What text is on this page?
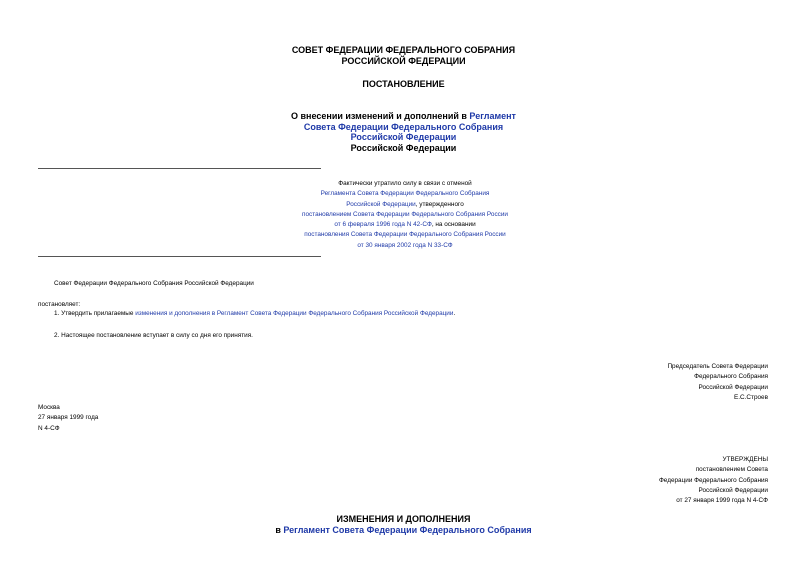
СОВЕТ ФЕДЕРАЦИИ ФЕДЕРАЛЬНОГО СОБРАНИЯ
РОССИЙСКОЙ ФЕДЕРАЦИИ
ПОСТАНОВЛЕНИЕ
О внесении изменений и дополнений в Регламент
Совета Федерации Федерального Собрания
Российской Федерации
Российской Федерации
Фактически утратило силу в связи с отменой
Регламента Совета Федерации Федерального Собрания
Российской Федерации, утвержденного
постановлением Совета Федерации Федерального Собрания России
от 6 февраля 1996 года N 42-СФ, на основании
постановления Совета Федерации Федерального Собрания России
от 30 января 2002 года N 33-СФ
Совет Федерации Федерального Собрания Российской Федерации
постановляет:
1. Утвердить прилагаемые изменения и дополнения в Регламент Совета Федерации Федерального Собрания Российской Федерации.
2. Настоящее постановление вступает в силу со дня его принятия.
Председатель Совета Федерации
Федерального Собрания
Российской Федерации
Е.С.Строев
Москва
27 января 1999 года
N 4-СФ
УТВЕРЖДЕНЫ
постановлением Совета
Федерации Федерального Собрания
Российской Федерации
от 27 января 1999 года N 4-СФ
ИЗМЕНЕНИЯ И ДОПОЛНЕНИЯ
в Регламент Совета Федерации Федерального Собрания
